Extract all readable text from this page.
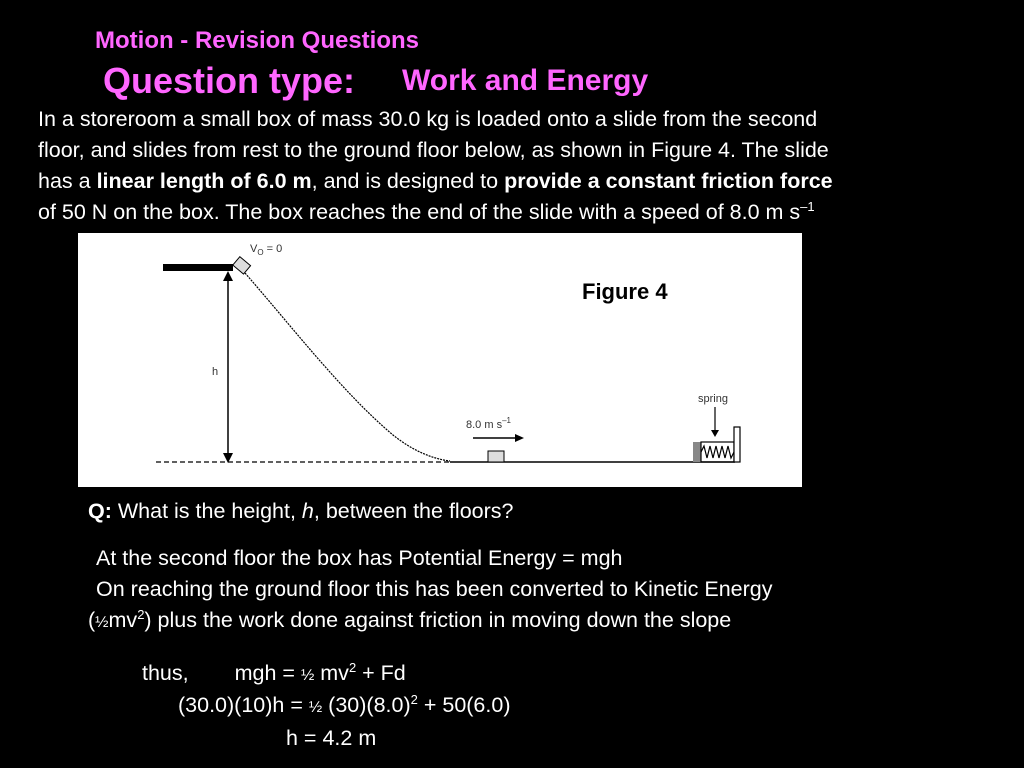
Motion - Revision Questions
Question type: Work and Energy

In a storeroom a small box of mass 30.0 kg is loaded onto a slide from the second

floor, and slides from rest to the ground floor below, as shown in Figure 4. The slide

has a linear length of 6.0 m, and is designed to provide a constant friction force

of 50 N on the box. The box reaches the end of the slide with a speed of 8.0 m $s^{-1}$

h
$V_O = 0$
8.0 m $s^{-1}$
spring
Figure 4
Q: What is the height, h, between the floors?
At the second floor the box has Potential Energy = mgh
On reaching the ground floor this has been converted to Kinetic Energy
$(\frac{1}{2}mv^2)$ plus the work done against friction in moving down the slope
thus, mgh = ½ $mv^2 + Fd$
(30.0)(10)h = ½ $(30)(8.0)^2 + 50(6.0)$
h = 4.2 m
